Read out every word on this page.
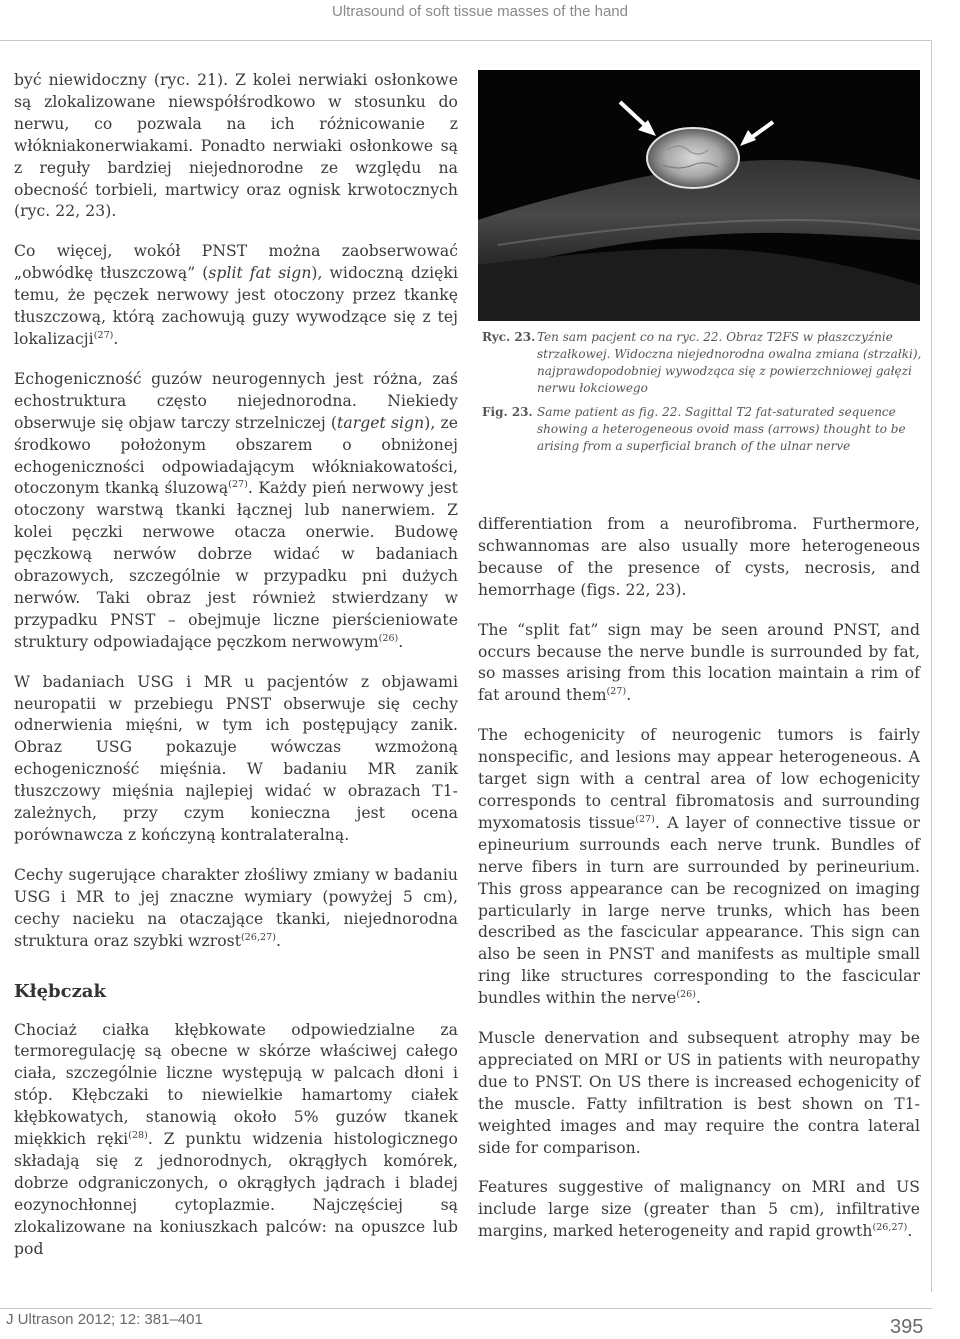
Ultrasound of soft tissue masses of the hand

być niewidoczny (ryc. 21). Z kolei nerwiaki osłonkowe są zlokalizowane niewspółśrodkowo w stosunku do nerwu, co pozwala na ich różnicowanie z włókniakonerwiakami. Ponadto nerwiaki osłonkowe są z reguły bardziej niejednorodne ze względu na obecność torbieli, martwicy oraz ognisk krwotocznych (ryc. 22, 23).

Co więcej, wokół PNST można zaobserwować „obwódkę tłuszczową” (split fat sign), widoczną dzięki temu, że pęczek nerwowy jest otoczony przez tkankę tłuszczową, którą zachowują guzy wywodzące się z tej lokalizacji$^{(27)}$.

Echogeniczność guzów neurogennych jest różna, zaś echostruktura często niejednorodna. Niekiedy obserwuje się objaw tarczy strzelniczej (target sign), ze środkowo położonym obszarem o obniżonej echogeniczności odpowiadającym włókniakowatości, otoczonym tkanką śluzową$^{(27)}$. Każdy pień nerwowy jest otoczony warstwą tkanki łącznej lub nanerwiem. Z kolei pęczki nerwowe otacza onerwie. Budowę pęczkową nerwów dobrze widać w badaniach obrazowych, szczególnie w przypadku pni dużych nerwów. Taki obraz jest również stwierdzany w przypadku PNST – obejmuje liczne pierścieniowate struktury odpowiadające pęczkom nerwowym$^{(26)}$.

W badaniach USG i MR u pacjentów z objawami neuropatii w przebiegu PNST obserwuje się cechy odnerwienia mięśni, w tym ich postępujący zanik. Obraz USG pokazuje wówczas wzmożoną echogeniczność mięśnia. W badaniu MR zanik tłuszczowy mięśnia najlepiej widać w obrazach T1-zależnych, przy czym konieczna jest ocena porównawcza z kończyną kontralateralną.

Cechy sugerujące charakter złośliwy zmiany w badaniu USG i MR to jej znaczne wymiary (powyżej 5 cm), cechy nacieku na otaczające tkanki, niejednorodna struktura oraz szybki wzrost$^{(26,27)}$.

Kłębczak

Chociaż ciałka kłębkowate odpowiedzialne za termoregulację są obecne w skórze właściwej całego ciała, szczególnie liczne występują w palcach dłoni i stóp. Kłębczaki to niewielkie hamartomy ciałek kłębkowatych, stanowią około 5% guzów tkanek miękkich ręki$^{(28)}$. Z punktu widzenia histologicznego składają się z jednorodnych, okrągłych komórek, dobrze odgraniczonych, o okrągłych jądrach i bladej eozynochłonnej cytoplazmie. Najczęściej są zlokalizowane na koniuszkach palców: na opuszce lub pod

Ryc. 23. Ten sam pacjent co na ryc. 22. Obraz T2FS w płaszczyźnie strzałkowej. Widoczna niejednorodna owalna zmiana (strzałki), najprawdopodobniej wywodząca się z powierzchniowej gałęzi nerwu łokciowego
Fig. 23. Same patient as fig. 22. Sagittal T2 fat-saturated sequence showing a heterogeneous ovoid mass (arrows) thought to be arising from a superficial branch of the ulnar nerve

differentiation from a neurofibroma. Furthermore, schwannomas are also usually more heterogeneous because of the presence of cysts, necrosis, and hemorrhage (figs. 22, 23).

The “split fat” sign may be seen around PNST, and occurs because the nerve bundle is surrounded by fat, so masses arising from this location maintain a rim of fat around them$^{(27)}$.

The echogenicity of neurogenic tumors is fairly nonspecific, and lesions may appear heterogeneous. A target sign with a central area of low echogenicity corresponds to central fibromatosis and surrounding myxomatosis tissue$^{(27)}$. A layer of connective tissue or epineurium surrounds each nerve trunk. Bundles of nerve fibers in turn are surrounded by perineurium. This gross appearance can be recognized on imaging particularly in large nerve trunks, which has been described as the fascicular appearance. This sign can also be seen in PNST and manifests as multiple small ring like structures corresponding to the fascicular bundles within the nerve$^{(26)}$.

Muscle denervation and subsequent atrophy may be appreciated on MRI or US in patients with neuropathy due to PNST. On US there is increased echogenicity of the muscle. Fatty infiltration is best shown on T1-weighted images and may require the contra lateral side for comparison.

Features suggestive of malignancy on MRI and US include large size (greater than 5 cm), infiltrative margins, marked heterogeneity and rapid growth$^{(26,27)}$.

J Ultrason 2012; 12: 381–401	395
